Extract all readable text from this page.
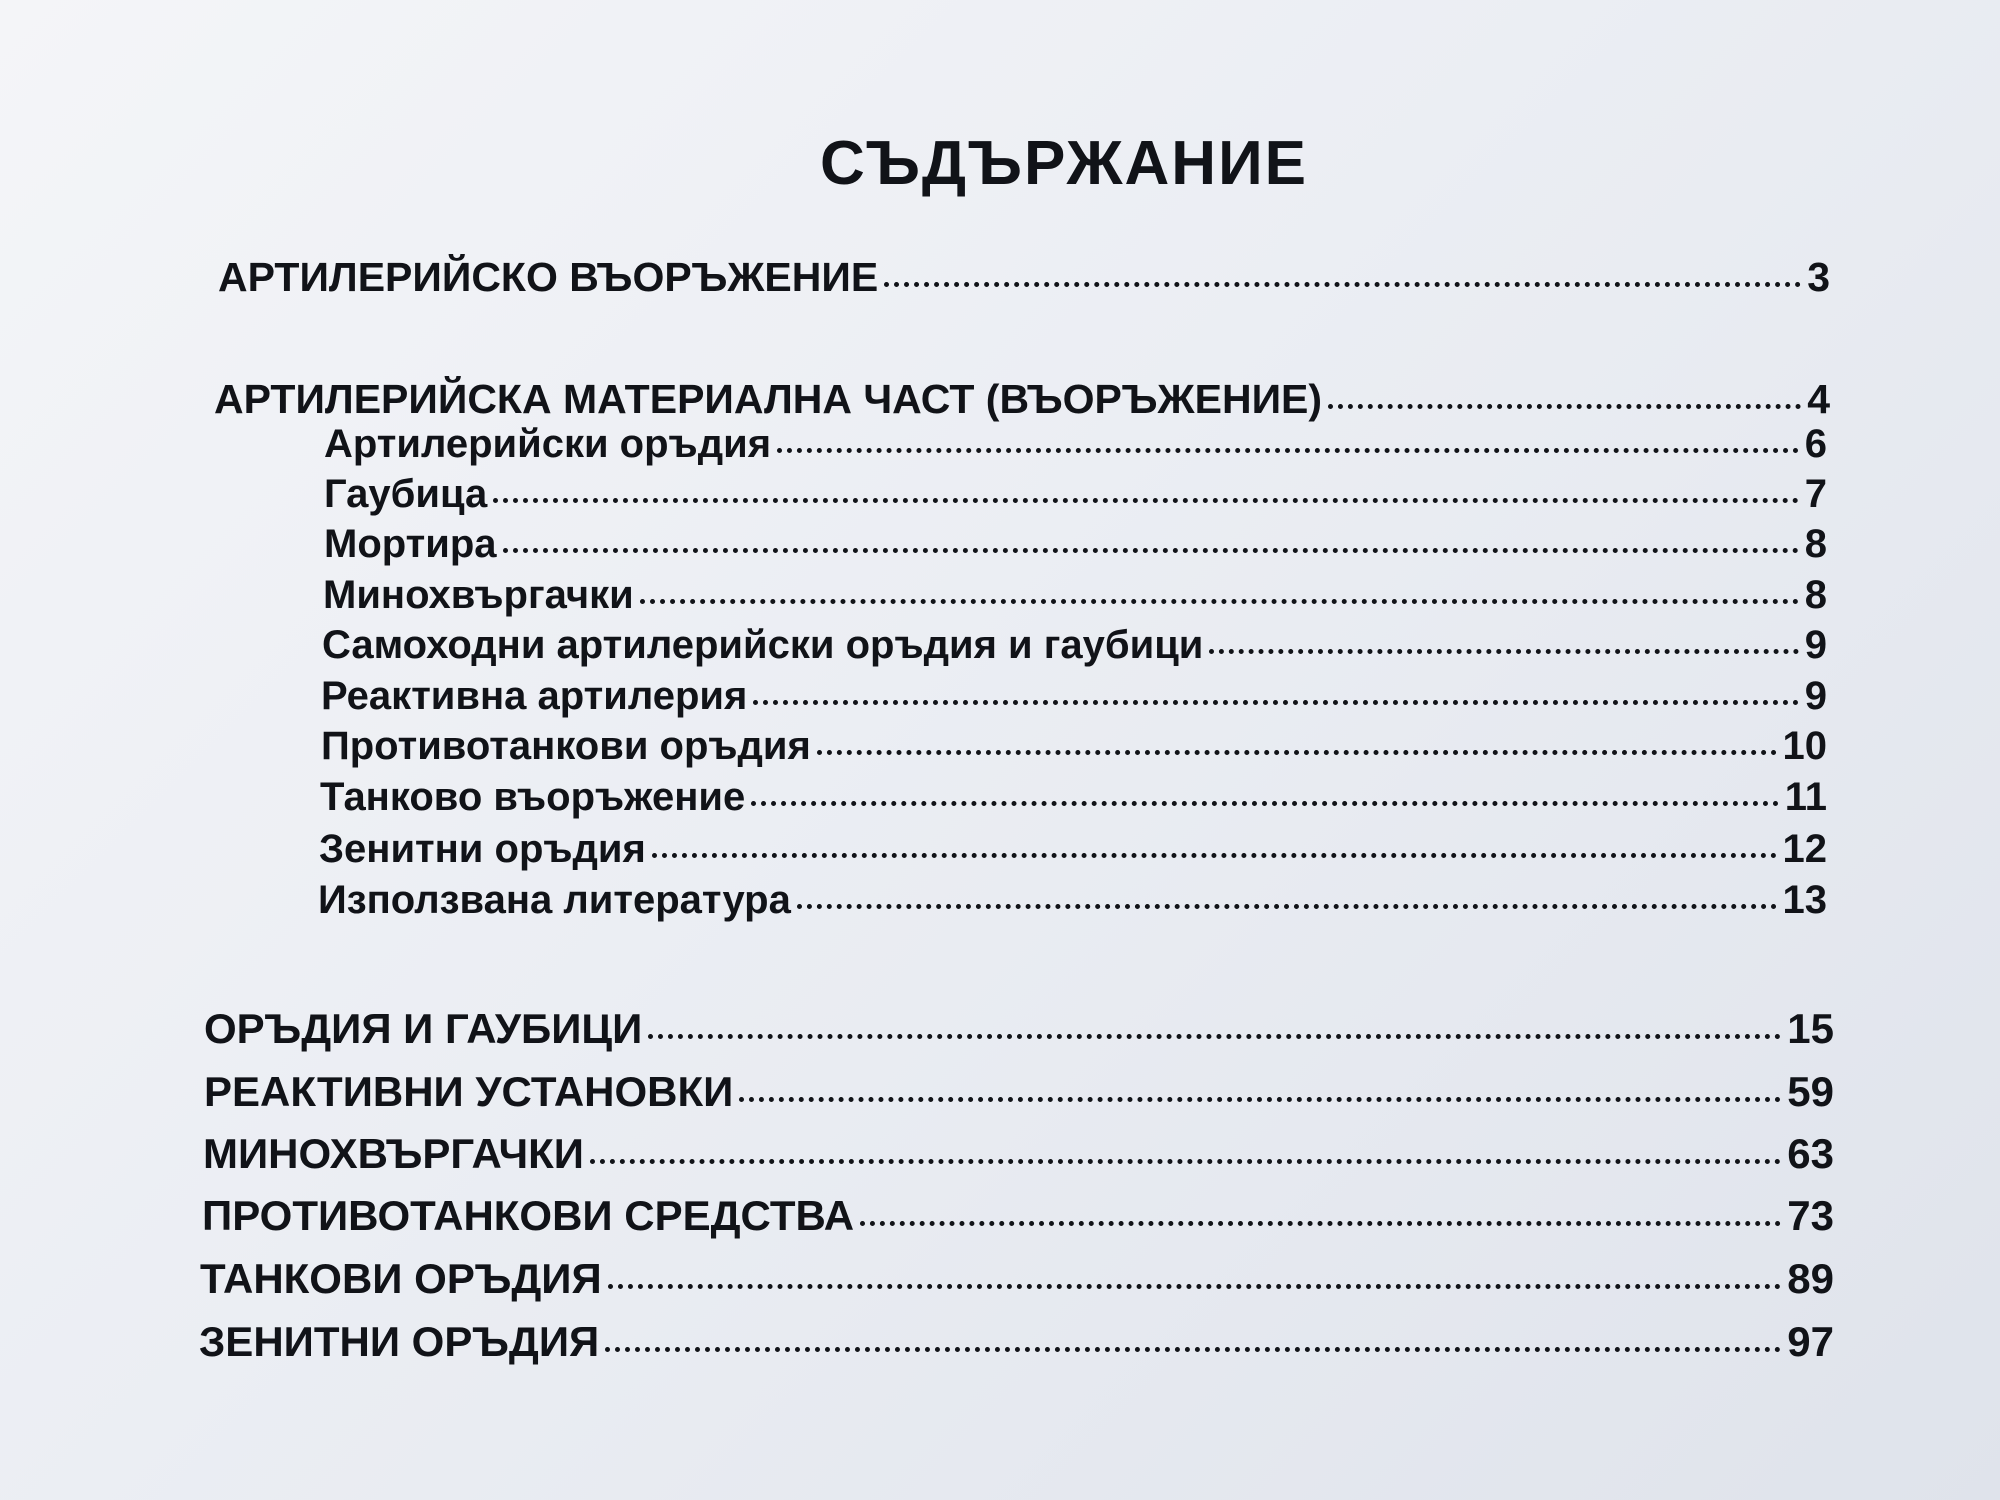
СЪДЪРЖАНИЕ
АРТИЛЕРИЙСКО ВЪОРЪЖЕНИЕ	3
АРТИЛЕРИЙСКА МАТЕРИАЛНА ЧАСТ (ВЪОРЪЖЕНИЕ)	4
Артилерийски оръдия	6
Гаубица	7
Мортира	8
Минохвъргачки	8
Самоходни артилерийски оръдия и гаубици	9
Реактивна артилерия	9
Противотанкови оръдия	10
Танково въоръжение	11
Зенитни оръдия	12
Използвана литература	13
ОРЪДИЯ И ГАУБИЦИ	15
РЕАКТИВНИ УСТАНОВКИ	59
МИНОХВЪРГАЧКИ	63
ПРОТИВОТАНКОВИ СРЕДСТВА	73
ТАНКОВИ ОРЪДИЯ	89
ЗЕНИТНИ ОРЪДИЯ	97
